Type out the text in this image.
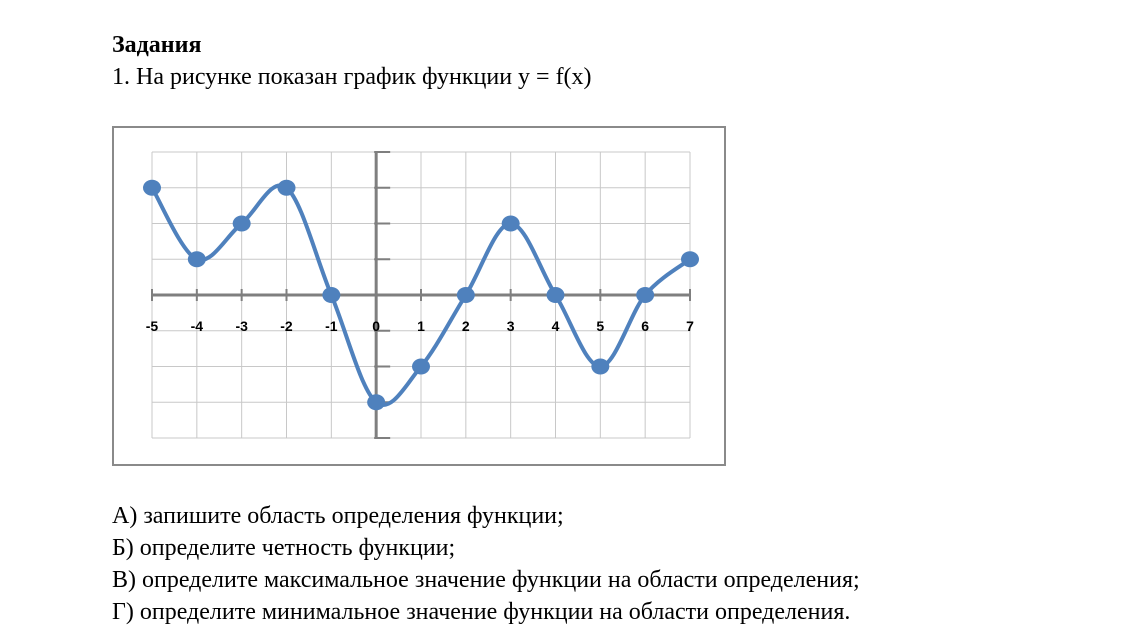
Задания
1. На рисунке показан график функции y = f(x)
-5 -4 -3 -2 -1 0	1	2	3	4	5	6	7
А) запишите область определения функции;
Б) определите четность функции;
В) определите максимальное значение функции на области определения;
Г) определите минимальное значение функции на области определения.
